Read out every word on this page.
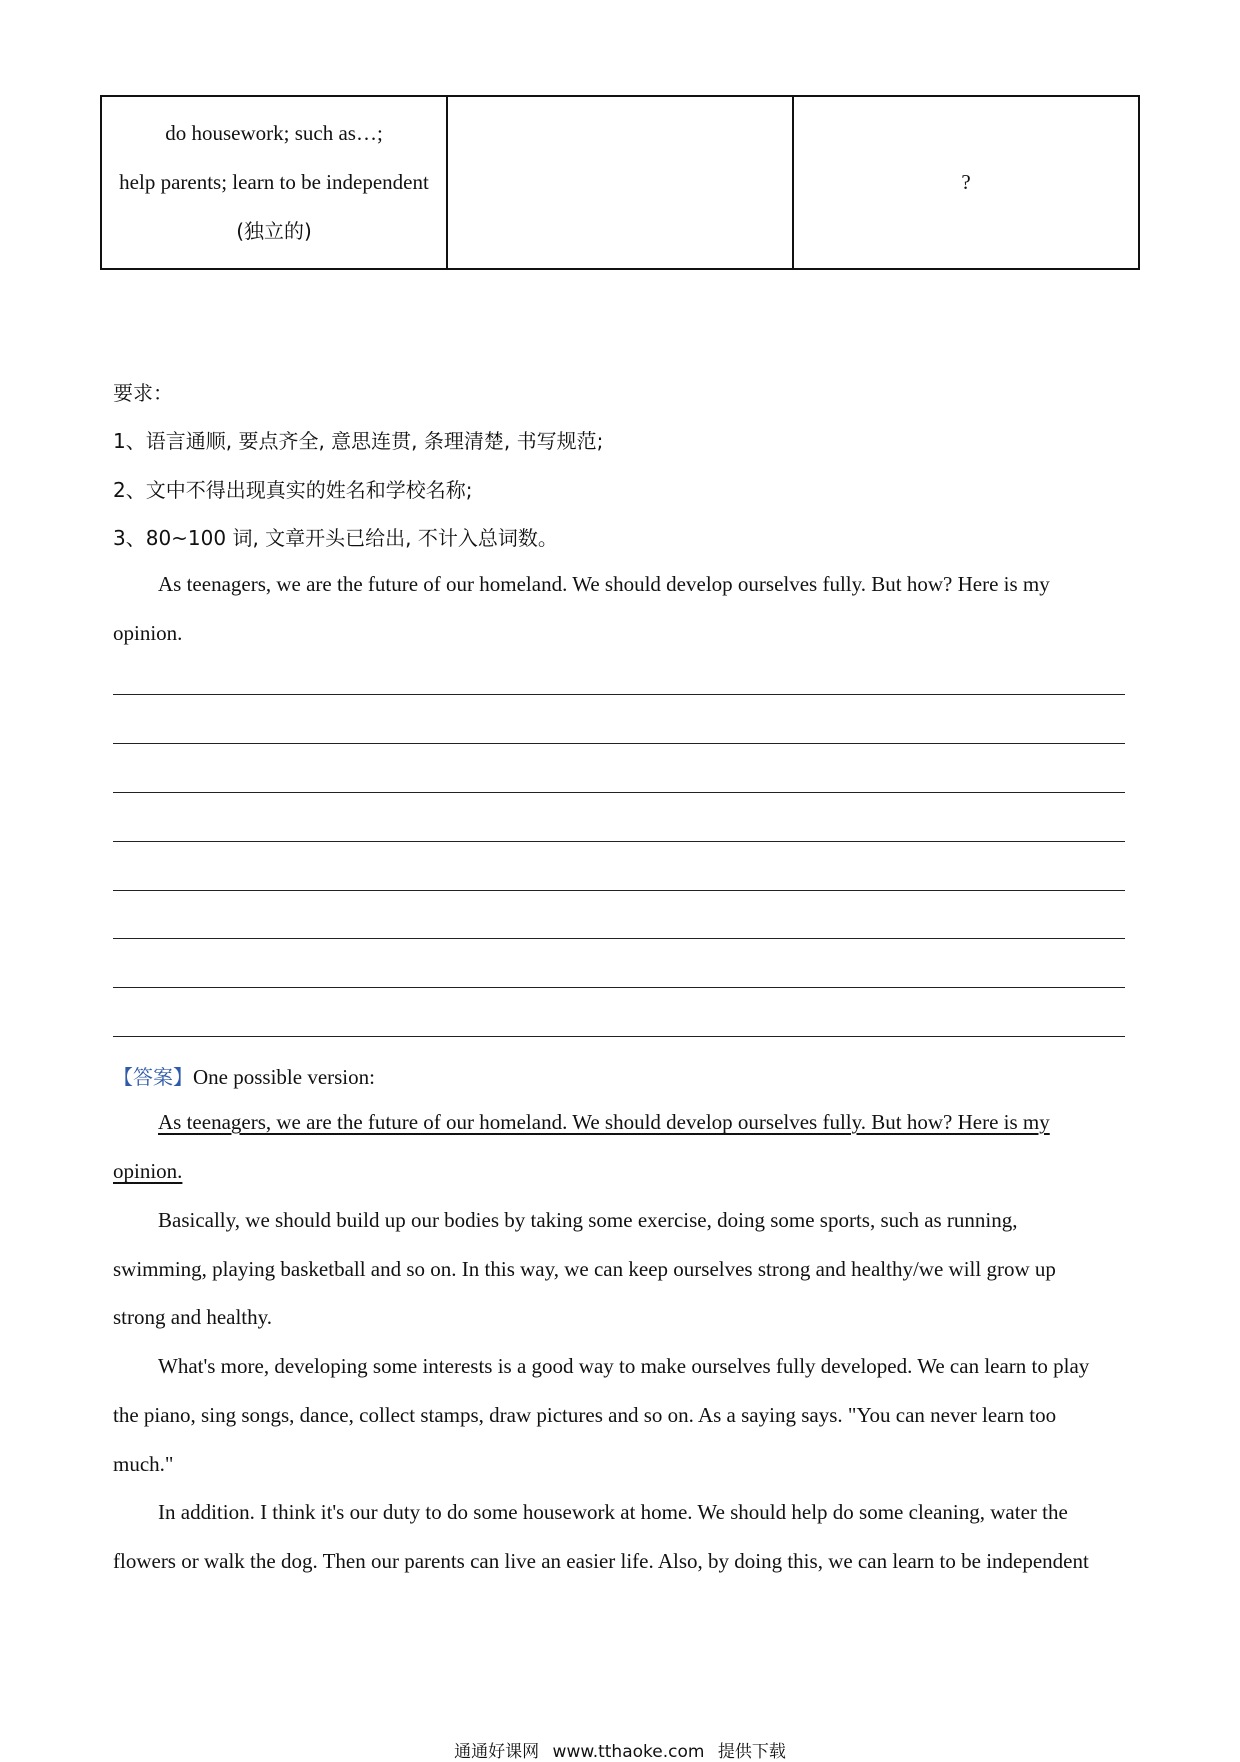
do housework; such as…;
help parents; learn to be independent
(独立的)
?
要求：
1、语言通顺, 要点齐全, 意思连贯, 条理清楚, 书写规范;
2、文中不得出现真实的姓名和学校名称;
3、80~100 词, 文章开头已给出, 不计入总词数。
As teenagers, we are the future of our homeland. We should develop ourselves fully. But how? Here is my
opinion.
【答案】One possible version:
As teenagers, we are the future of our homeland. We should develop ourselves fully. But how? Here is my
opinion.
Basically, we should build up our bodies by taking some exercise, doing some sports, such as running,
swimming, playing basketball and so on. In this way, we can keep ourselves strong and healthy/we will grow up
strong and healthy.
What's more, developing some interests is a good way to make ourselves fully developed. We can learn to play
the piano, sing songs, dance, collect stamps, draw pictures and so on. As a saying says. "You can never learn too
much."
In addition. I think it's our duty to do some housework at home. We should help do some cleaning, water the
flowers or walk the dog. Then our parents can live an easier life. Also, by doing this, we can learn to be independent
通通好课网 www.tthaoke.com 提供下载
